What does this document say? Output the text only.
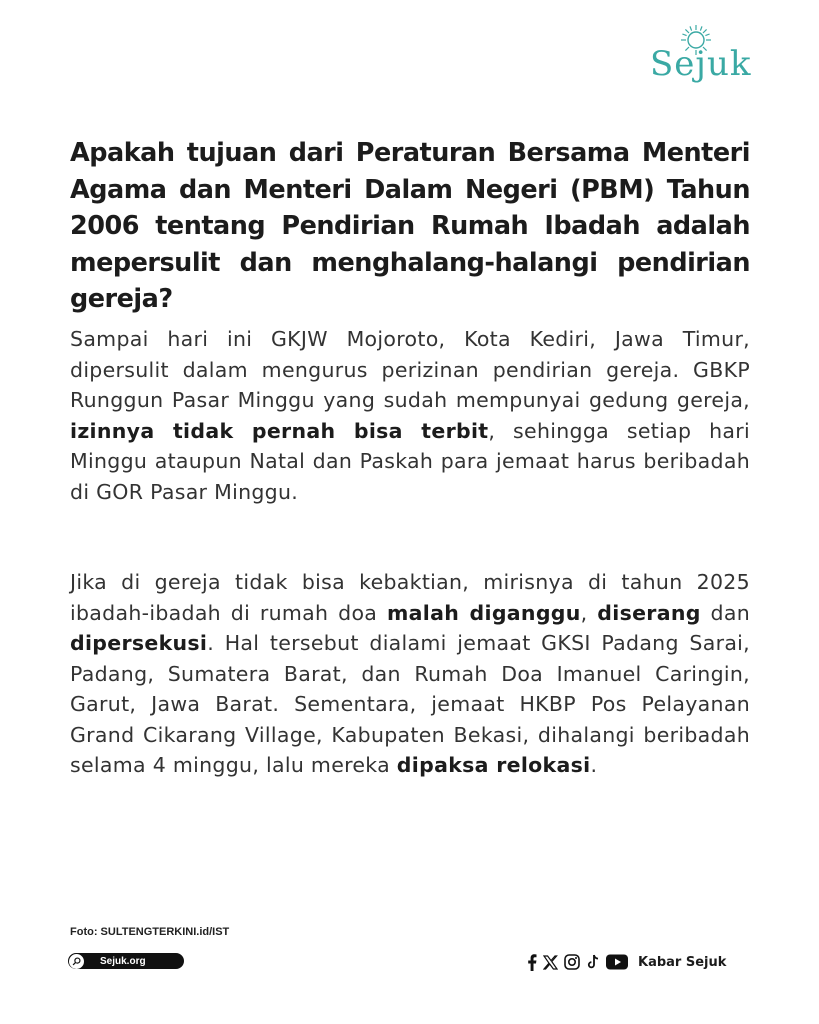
Sejuk
Apakah tujuan dari Peraturan Bersama Menteri Agama dan Menteri Dalam Negeri (PBM) Tahun 2006 tentang Pendirian Rumah Ibadah adalah mepersulit dan menghalang-halangi pendirian gereja?

Sampai hari ini GKJW Mojoroto, Kota Kediri, Jawa Timur, dipersulit dalam mengurus perizinan pendirian gereja. GBKP Runggun Pasar Minggu yang sudah mempunyai gedung gereja, izinnya tidak pernah bisa terbit, sehingga setiap hari Minggu ataupun Natal dan Paskah para jemaat harus beribadah di GOR Pasar Minggu.

Jika di gereja tidak bisa kebaktian, mirisnya di tahun 2025 ibadah-ibadah di rumah doa malah diganggu, diserang dan dipersekusi. Hal tersebut dialami jemaat GKSI Padang Sarai, Padang, Sumatera Barat, dan Rumah Doa Imanuel Caringin, Garut, Jawa Barat. Sementara, jemaat HKBP Pos Pelayanan Grand Cikarang Village, Kabupaten Bekasi, dihalangi beribadah selama 4 minggu, lalu mereka dipaksa relokasi.

Foto: SULTENGTERKINI.id/IST
Sejuk.org	Kabar Sejuk
